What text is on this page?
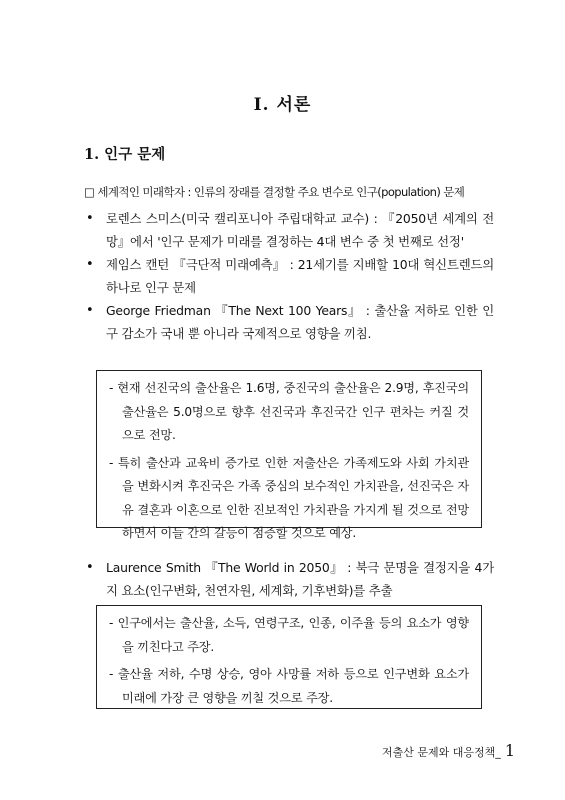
I. 서론
1. 인구 문제
□ 세계적인 미래학자 : 인류의 장래를 결정할 주요 변수로 인구(population) 문제
• 로렌스 스미스(미국 캘리포니아 주립대학교 교수) : 『2050년 세계의 전망』에서 '인구 문제가 미래를 결정하는 4대 변수 중 첫 번째로 선정'
• 제임스 캔턴 『극단적 미래예측』 : 21세기를 지배할 10대 혁신트렌드의 하나로 인구 문제
• George Friedman 『The Next 100 Years』 : 출산율 저하로 인한 인구 감소가 국내 뿐 아니라 국제적으로 영향을 끼침.

- 현재 선진국의 출산율은 1.6명, 중진국의 출산율은 2.9명, 후진국의 출산율은 5.0명으로 향후 선진국과 후진국간 인구 편차는 커질 것으로 전망.

- 특히 출산과 교육비 증가로 인한 저출산은 가족제도와 사회 가치관을 변화시켜 후진국은 가족 중심의 보수적인 가치관을, 선진국은 자유 결혼과 이혼으로 인한 진보적인 가치관을 가지게 될 것으로 전망하면서 이들 간의 갈등이 점증할 것으로 예상.

• Laurence Smith 『The World in 2050』 : 북극 문명을 결정지을 4가지 요소(인구변화, 천연자원, 세계화, 기후변화)를 추출

- 인구에서는 출산율, 소득, 연령구조, 인종, 이주율 등의 요소가 영향을 끼친다고 주장.

- 출산율 저하, 수명 상승, 영아 사망률 저하 등으로 인구변화 요소가 미래에 가장 큰 영향을 끼칠 것으로 주장.

저출산 문제와 대응정책_ 1
